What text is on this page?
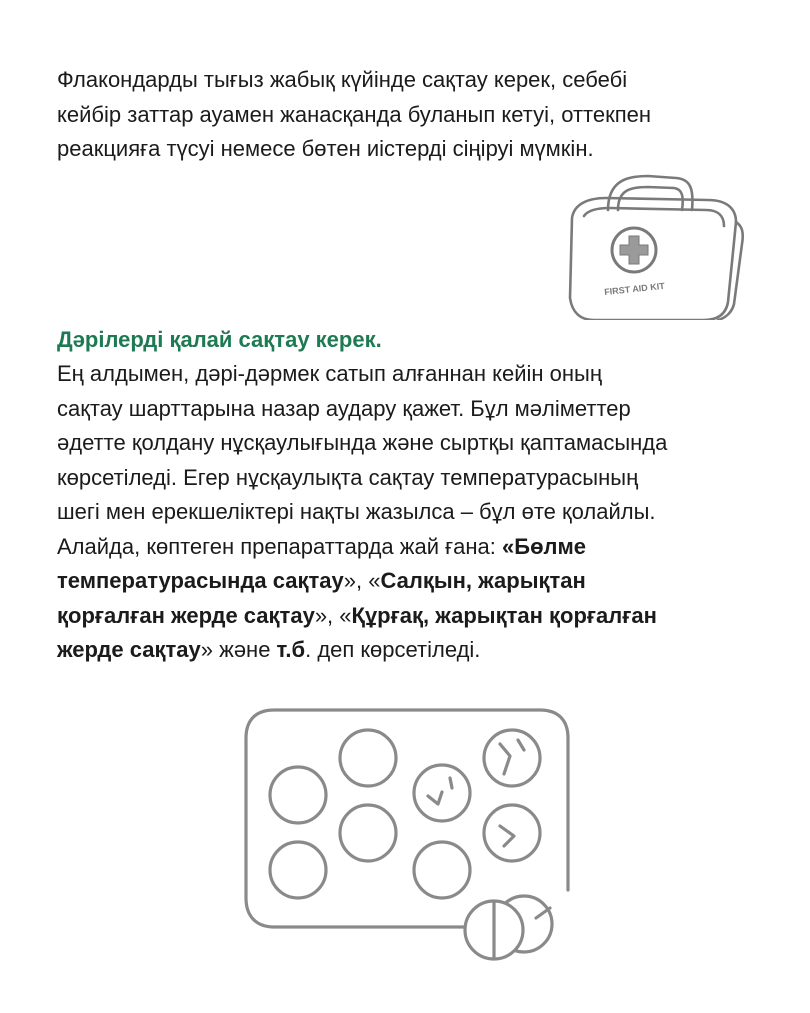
Флакондарды тығыз жабық күйінде сақтау керек, себебі
кейбір заттар ауамен жанасқанда буланып кетуі, оттекпен
реакцияға түсуі немесе бөтен иістерді сіңіруі мүмкін.

FIRST AID KIT
Дәрілерді қалай сақтау керек.

Ең алдымен, дәрі-дәрмек сатып алғаннан кейін оның
сақтау шарттарына назар аудару қажет. Бұл мәліметтер
әдетте қолдану нұсқаулығында және сыртқы қаптамасында
көрсетіледі. Егер нұсқаулықта сақтау температурасының
шегі мен ерекшеліктері нақты жазылса – бұл өте қолайлы.
Алайда, көптеген препараттарда жай ғана: «Бөлме
температурасында сақтау», «Салқын, жарықтан
қорғалған жерде сақтау», «Құрғақ, жарықтан қорғалған
жерде сақтау» және т.б. деп көрсетіледі.
